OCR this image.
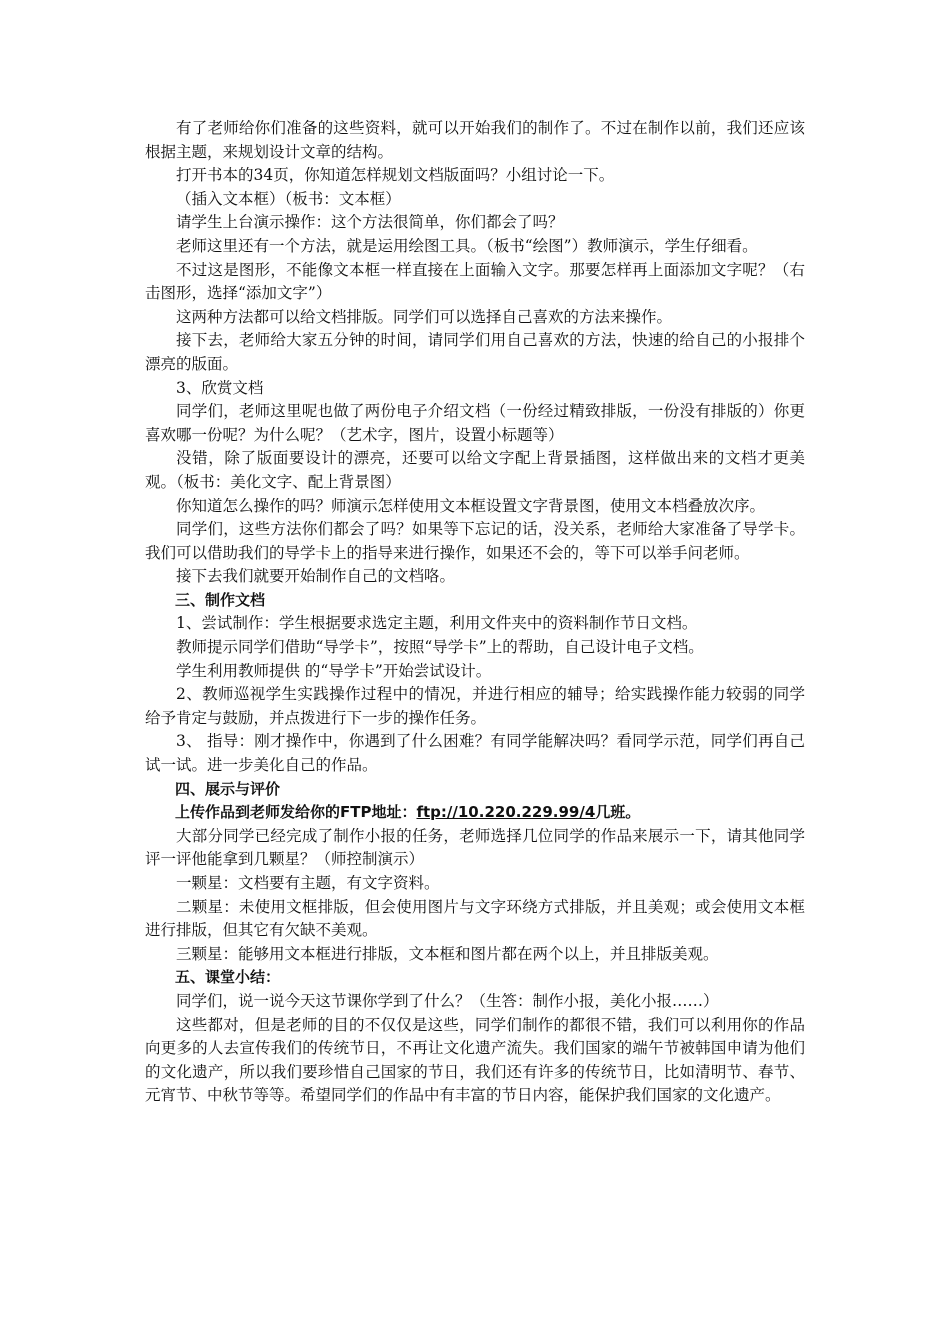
有了老师给你们准备的这些资料，就可以开始我们的制作了。不过在制作以前，我们还应该根据主题，来规划设计文章的结构。

打开书本的34页，你知道怎样规划文档版面吗？小组讨论一下。

（插入文本框）（板书：文本框）

请学生上台演示操作：这个方法很简单，你们都会了吗？

老师这里还有一个方法，就是运用绘图工具。（板书“绘图”）教师演示，学生仔细看。

不过这是图形，不能像文本框一样直接在上面输入文字。那要怎样再上面添加文字呢？（右击图形，选择“添加文字”）

这两种方法都可以给文档排版。同学们可以选择自己喜欢的方法来操作。

接下去，老师给大家五分钟的时间，请同学们用自己喜欢的方法，快速的给自己的小报排个漂亮的版面。

3、欣赏文档

同学们，老师这里呢也做了两份电子介绍文档（一份经过精致排版，一份没有排版的）你更喜欢哪一份呢？为什么呢？（艺术字，图片，设置小标题等）

没错，除了版面要设计的漂亮，还要可以给文字配上背景插图，这样做出来的文档才更美观。（板书：美化文字、配上背景图）

你知道怎么操作的吗？师演示怎样使用文本框设置文字背景图，使用文本档叠放次序。

同学们，这些方法你们都会了吗？如果等下忘记的话，没关系，老师给大家准备了导学卡。我们可以借助我们的导学卡上的指导来进行操作，如果还不会的，等下可以举手问老师。

接下去我们就要开始制作自己的文档咯。

三、制作文档

1、尝试制作：学生根据要求选定主题，利用文件夹中的资料制作节日文档。

教师提示同学们借助“导学卡”，按照“导学卡”上的帮助，自己设计电子文档。

学生利用教师提供 的“导学卡”开始尝试设计。

2、教师巡视学生实践操作过程中的情况，并进行相应的辅导；给实践操作能力较弱的同学给予肯定与鼓励，并点拨进行下一步的操作任务。

3、 指导：刚才操作中，你遇到了什么困难？有同学能解决吗？看同学示范，同学们再自己试一试。进一步美化自己的作品。

四、展示与评价

上传作品到老师发给你的FTP地址：ftp://10.220.229.99/4几班。

大部分同学已经完成了制作小报的任务，老师选择几位同学的作品来展示一下，请其他同学评一评他能拿到几颗星？（师控制演示）

一颗星：文档要有主题，有文字资料。

二颗星：未使用文框排版，但会使用图片与文字环绕方式排版，并且美观；或会使用文本框进行排版，但其它有欠缺不美观。

三颗星：能够用文本框进行排版，文本框和图片都在两个以上，并且排版美观。

五、课堂小结：

同学们，说一说今天这节课你学到了什么？（生答：制作小报，美化小报……）

这些都对，但是老师的目的不仅仅是这些，同学们制作的都很不错，我们可以利用你的作品向更多的人去宣传我们的传统节日，不再让文化遗产流失。我们国家的端午节被韩国申请为他们的文化遗产，所以我们要珍惜自己国家的节日，我们还有许多的传统节日，比如清明节、春节、元宵节、中秋节等等。希望同学们的作品中有丰富的节日内容，能保护我们国家的文化遗产。
